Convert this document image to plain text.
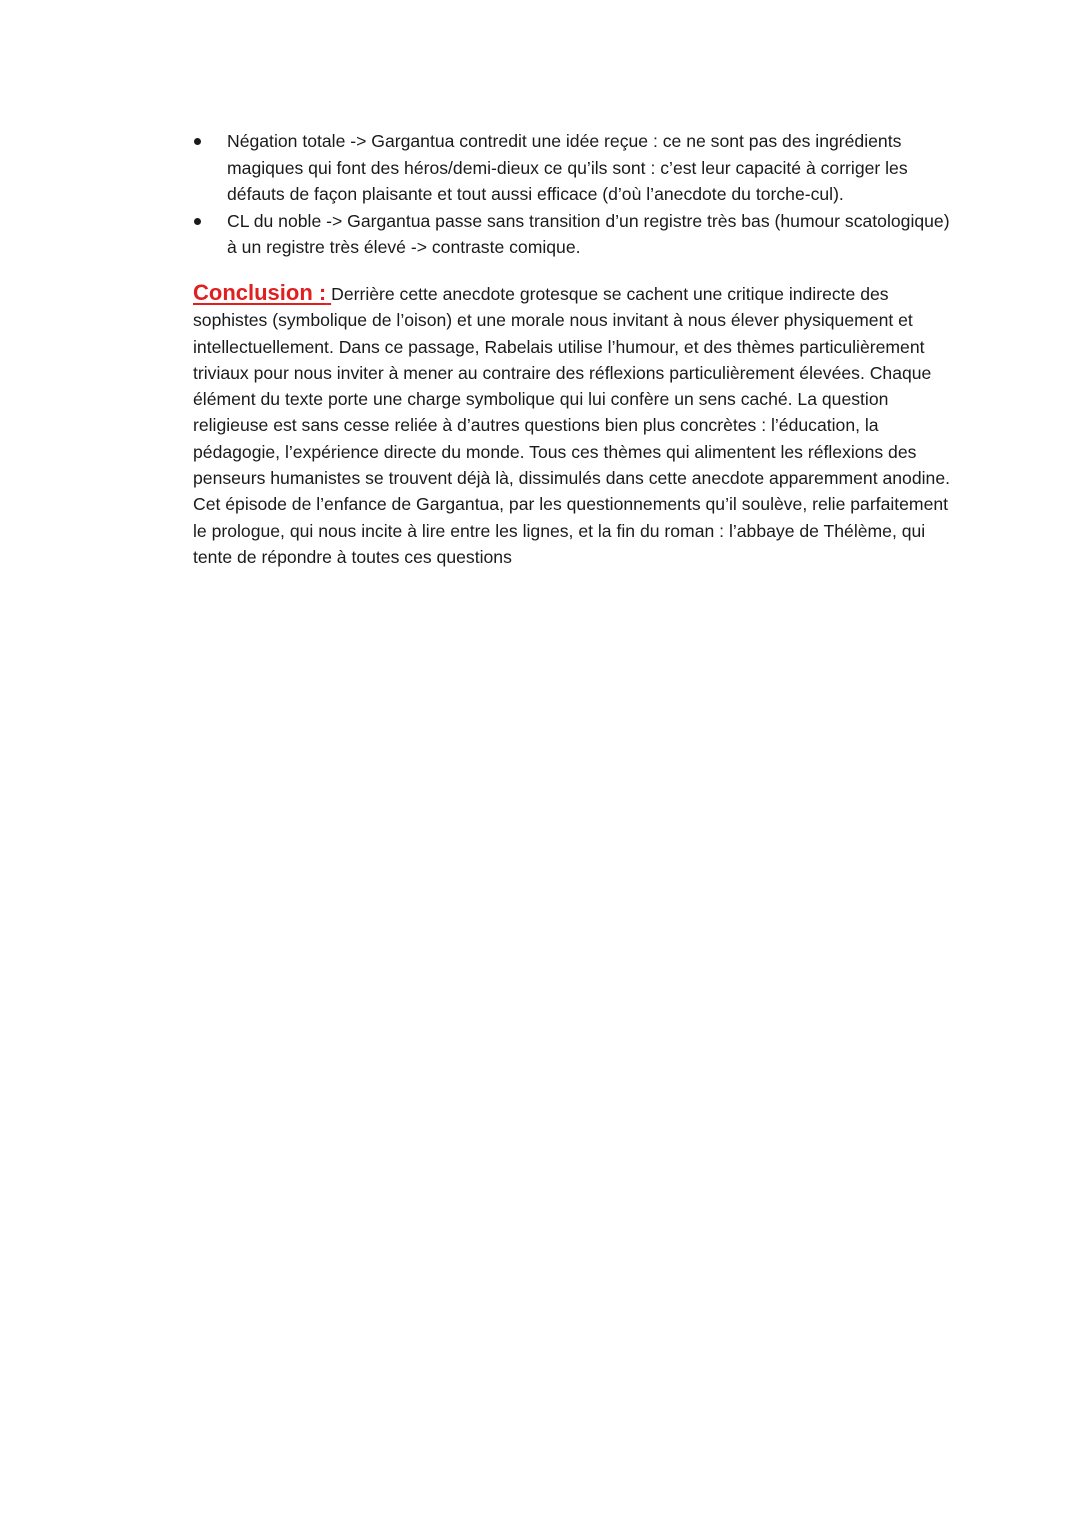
Négation totale -> Gargantua contredit une idée reçue : ce ne sont pas des ingrédients magiques qui font des héros/demi-dieux ce qu’ils sont : c’est leur capacité à corriger les défauts de façon plaisante et tout aussi efficace (d’où l’anecdote du torche-cul).
CL du noble -> Gargantua passe sans transition d’un registre très bas (humour scatologique) à un registre très élevé -> contraste comique.

Conclusion : Derrière cette anecdote grotesque se cachent une critique indirecte des sophistes (symbolique de l’oison) et une morale nous invitant à nous élever physiquement et intellectuellement. Dans ce passage, Rabelais utilise l’humour, et des thèmes particulièrement triviaux pour nous inviter à mener au contraire des réflexions particulièrement élevées. Chaque élément du texte porte une charge symbolique qui lui confère un sens caché. La question religieuse est sans cesse reliée à d’autres questions bien plus concrètes : l’éducation, la pédagogie, l’expérience directe du monde. Tous ces thèmes qui alimentent les réflexions des penseurs humanistes se trouvent déjà là, dissimulés dans cette anecdote apparemment anodine. Cet épisode de l’enfance de Gargantua, par les questionnements qu’il soulève, relie parfaitement le prologue, qui nous incite à lire entre les lignes, et la fin du roman : l’abbaye de Thélème, qui tente de répondre à toutes ces questions
